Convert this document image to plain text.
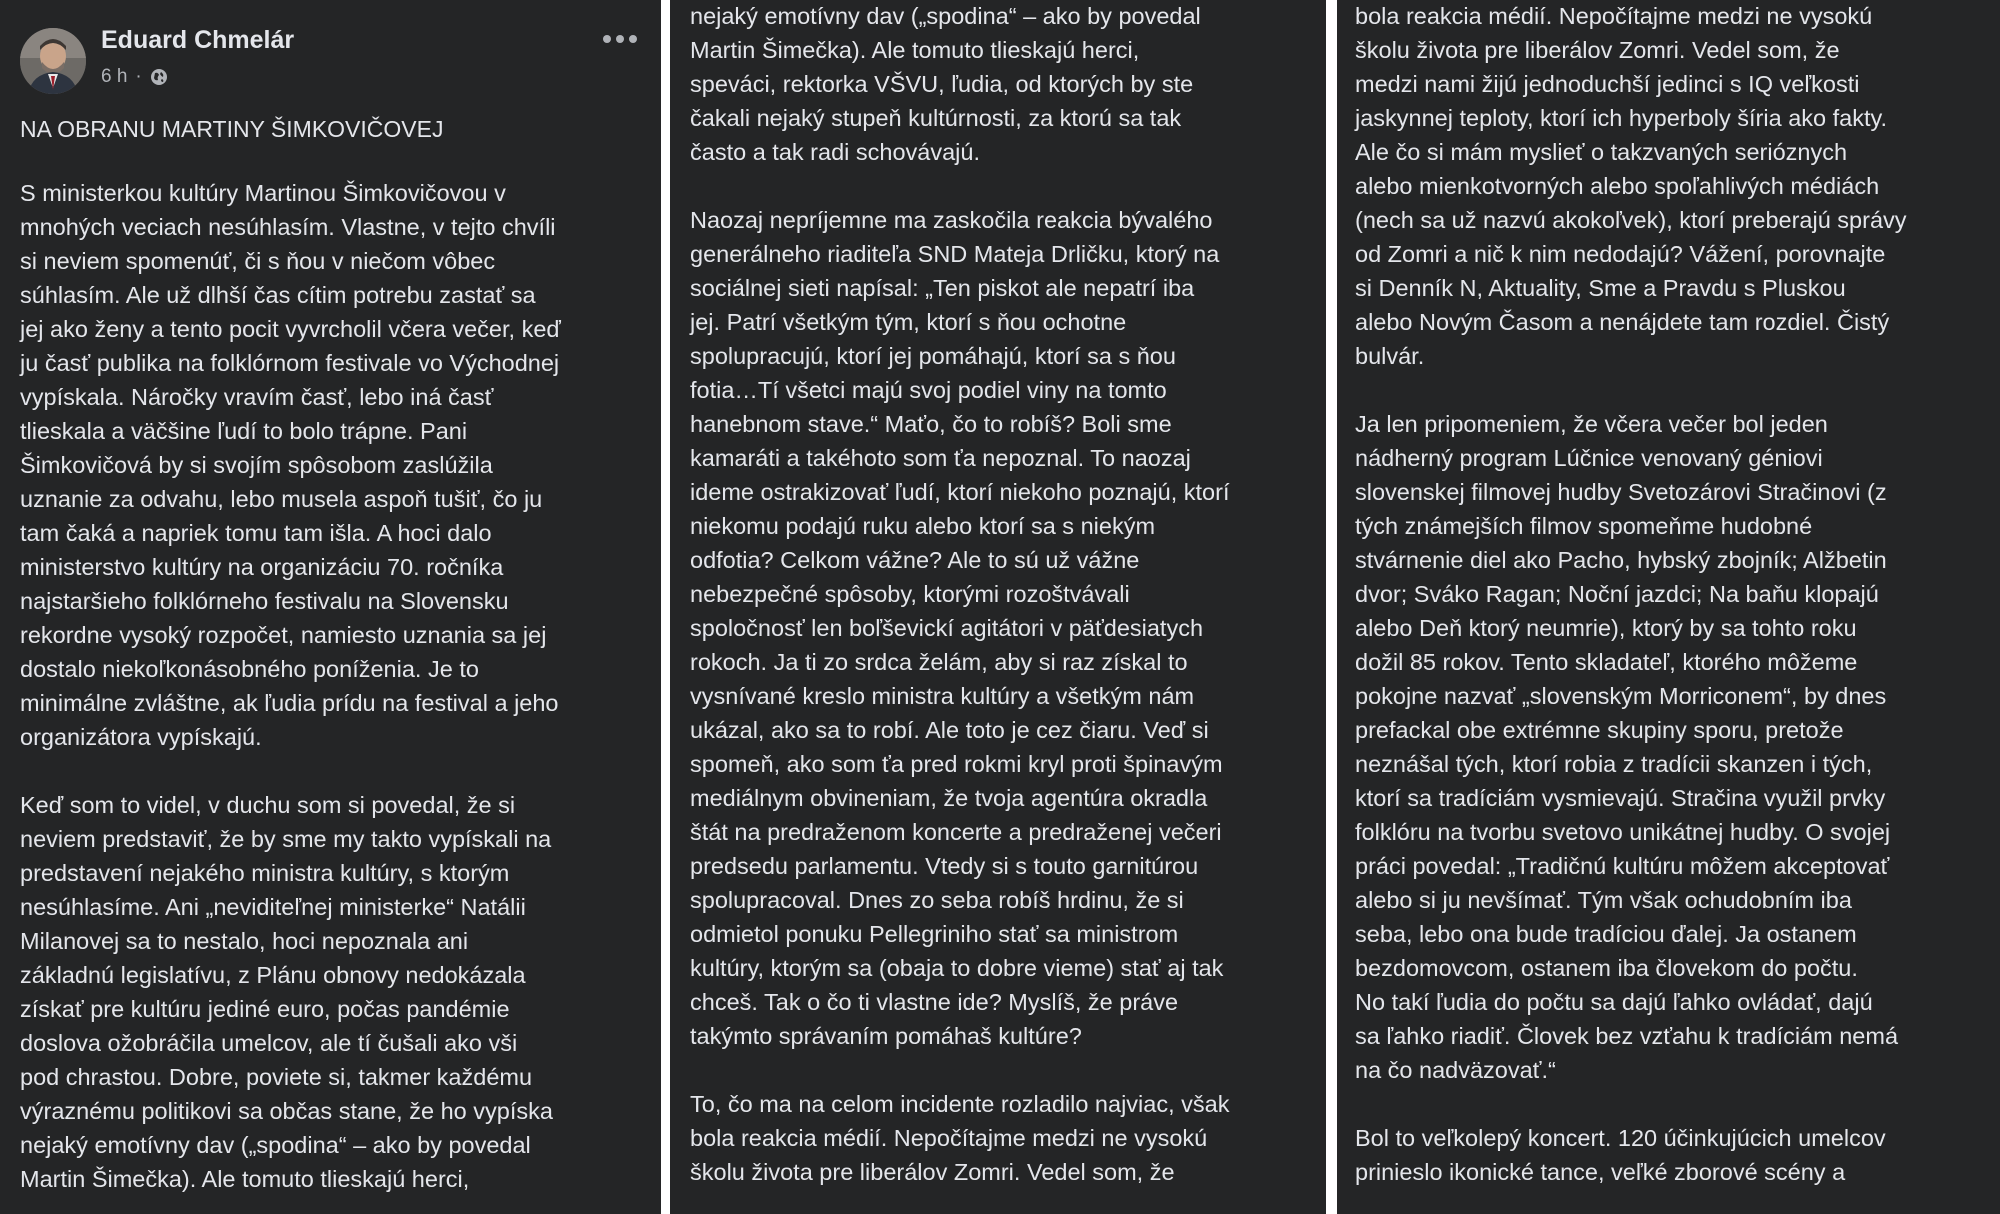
Eduard Chmelár
6 h ·
NA OBRANU MARTINY ŠIMKOVIČOVEJ
S ministerkou kultúry Martinou Šimkovičovou v
mnohých veciach nesúhlasím. Vlastne, v tejto chvíli
si neviem spomenúť, či s ňou v niečom vôbec
súhlasím. Ale už dlhší čas cítim potrebu zastať sa
jej ako ženy a tento pocit vyvrcholil včera večer, keď
ju časť publika na folklórnom festivale vo Východnej
vypískala. Náročky vravím časť, lebo iná časť
tlieskala a väčšine ľudí to bolo trápne. Pani
Šimkovičová by si svojím spôsobom zaslúžila
uznanie za odvahu, lebo musela aspoň tušiť, čo ju
tam čaká a napriek tomu tam išla. A hoci dalo
ministerstvo kultúry na organizáciu 70. ročníka
najstaršieho folklórneho festivalu na Slovensku
rekordne vysoký rozpočet, namiesto uznania sa jej
dostalo niekoľkonásobného poníženia. Je to
minimálne zvláštne, ak ľudia prídu na festival a jeho
organizátora vypískajú.
Keď som to videl, v duchu som si povedal, že si
neviem predstaviť, že by sme my takto vypískali na
predstavení nejakého ministra kultúry, s ktorým
nesúhlasíme. Ani „neviditeľnej ministerke“ Natálii
Milanovej sa to nestalo, hoci nepoznala ani
základnú legislatívu, z Plánu obnovy nedokázala
získať pre kultúru jediné euro, počas pandémie
doslova ožobráčila umelcov, ale tí čušali ako vši
pod chrastou. Dobre, poviete si, takmer každému
výraznému politikovi sa občas stane, že ho vypíska
nejaký emotívny dav („spodina“ – ako by povedal
Martin Šimečka). Ale tomuto tlieskajú herci,
nejaký emotívny dav („spodina“ – ako by povedal
Martin Šimečka). Ale tomuto tlieskajú herci,
speváci, rektorka VŠVU, ľudia, od ktorých by ste
čakali nejaký stupeň kultúrnosti, za ktorú sa tak
často a tak radi schovávajú.
Naozaj nepríjemne ma zaskočila reakcia bývalého
generálneho riaditeľa SND Mateja Drličku, ktorý na
sociálnej sieti napísal: „Ten piskot ale nepatrí iba
jej. Patrí všetkým tým, ktorí s ňou ochotne
spolupracujú, ktorí jej pomáhajú, ktorí sa s ňou
fotia…Tí všetci majú svoj podiel viny na tomto
hanebnom stave.“ Maťo, čo to robíš? Boli sme
kamaráti a takéhoto som ťa nepoznal. To naozaj
ideme ostrakizovať ľudí, ktorí niekoho poznajú, ktorí
niekomu podajú ruku alebo ktorí sa s niekým
odfotia? Celkom vážne? Ale to sú už vážne
nebezpečné spôsoby, ktorými rozoštvávali
spoločnosť len boľševickí agitátori v päťdesiatych
rokoch. Ja ti zo srdca želám, aby si raz získal to
vysnívané kreslo ministra kultúry a všetkým nám
ukázal, ako sa to robí. Ale toto je cez čiaru. Veď si
spomeň, ako som ťa pred rokmi kryl proti špinavým
mediálnym obvineniam, že tvoja agentúra okradla
štát na predraženom koncerte a predraženej večeri
predsedu parlamentu. Vtedy si s touto garnitúrou
spolupracoval. Dnes zo seba robíš hrdinu, že si
odmietol ponuku Pellegriniho stať sa ministrom
kultúry, ktorým sa (obaja to dobre vieme) stať aj tak
chceš. Tak o čo ti vlastne ide? Myslíš, že práve
takýmto správaním pomáhaš kultúre?
To, čo ma na celom incidente rozladilo najviac, však
bola reakcia médií. Nepočítajme medzi ne vysokú
školu života pre liberálov Zomri. Vedel som, že
bola reakcia médií. Nepočítajme medzi ne vysokú
školu života pre liberálov Zomri. Vedel som, že
medzi nami žijú jednoduchší jedinci s IQ veľkosti
jaskynnej teploty, ktorí ich hyperboly šíria ako fakty.
Ale čo si mám myslieť o takzvaných serióznych
alebo mienkotvorných alebo spoľahlivých médiách
(nech sa už nazvú akokoľvek), ktorí preberajú správy
od Zomri a nič k nim nedodajú? Vážení, porovnajte
si Denník N, Aktuality, Sme a Pravdu s Pluskou
alebo Novým Časom a nenájdete tam rozdiel. Čistý
bulvár.
Ja len pripomeniem, že včera večer bol jeden
nádherný program Lúčnice venovaný géniovi
slovenskej filmovej hudby Svetozárovi Stračinovi (z
tých známejších filmov spomeňme hudobné
stvárnenie diel ako Pacho, hybský zbojník; Alžbetin
dvor; Sváko Ragan; Noční jazdci; Na baňu klopajú
alebo Deň ktorý neumrie), ktorý by sa tohto roku
dožil 85 rokov. Tento skladateľ, ktorého môžeme
pokojne nazvať „slovenským Morriconem“, by dnes
prefackal obe extrémne skupiny sporu, pretože
neznášal tých, ktorí robia z tradícii skanzen i tých,
ktorí sa tradíciám vysmievajú. Stračina využil prvky
folklóru na tvorbu svetovo unikátnej hudby. O svojej
práci povedal: „Tradičnú kultúru môžem akceptovať
alebo si ju nevšímať. Tým však ochudobním iba
seba, lebo ona bude tradíciou ďalej. Ja ostanem
bezdomovcom, ostanem iba človekom do počtu.
No takí ľudia do počtu sa dajú ľahko ovládať, dajú
sa ľahko riadiť. Človek bez vzťahu k tradíciám nemá
na čo nadväzovať.“
Bol to veľkolepý koncert. 120 účinkujúcich umelcov
prinieslo ikonické tance, veľké zborové scény a
